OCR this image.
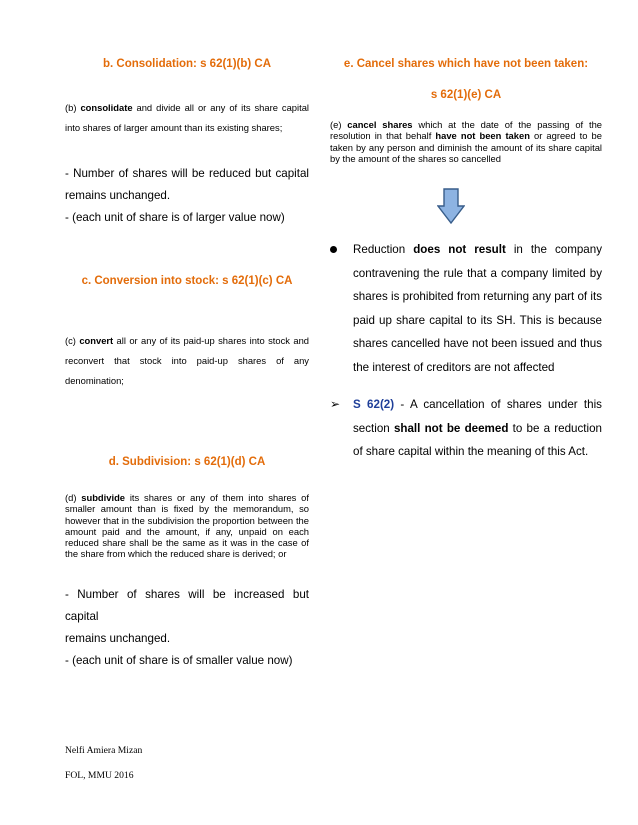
b. Consolidation: s 62(1)(b) CA
(b) consolidate and divide all or any of its share capital
into shares of larger amount than its existing shares;
- Number of shares will be reduced but capital
remains unchanged.
- (each unit of share is of larger value now)
c. Conversion into stock: s 62(1)(c) CA
(c) convert all or any of its paid-up shares into stock and reconvert that stock into paid-up shares of any denomination;
d. Subdivision: s 62(1)(d) CA
(d) subdivide its shares or any of them into shares of smaller amount than is fixed by the memorandum, so however that in the subdivision the proportion between the amount paid and the amount, if any, unpaid on each reduced share shall be the same as it was in the case of the share from which the reduced share is derived; or
- Number of shares will be increased but capital
remains unchanged.
- (each unit of share is of smaller value now)
e. Cancel shares which have not been taken:
s 62(1)(e) CA
(e) cancel shares which at the date of the passing of the resolution in that behalf have not been taken or agreed to be taken by any person and diminish the amount of its share capital by the amount of the shares so cancelled
Reduction does not result in the company contravening the rule that a company limited by shares is prohibited from returning any part of its paid up share capital to its SH. This is because shares cancelled have not been issued and thus the interest of creditors are not affected
➢ S 62(2) - A cancellation of shares under this section shall not be deemed to be a reduction of share capital within the meaning of this Act.
Nelfi Amiera Mizan
FOL, MMU 2016
